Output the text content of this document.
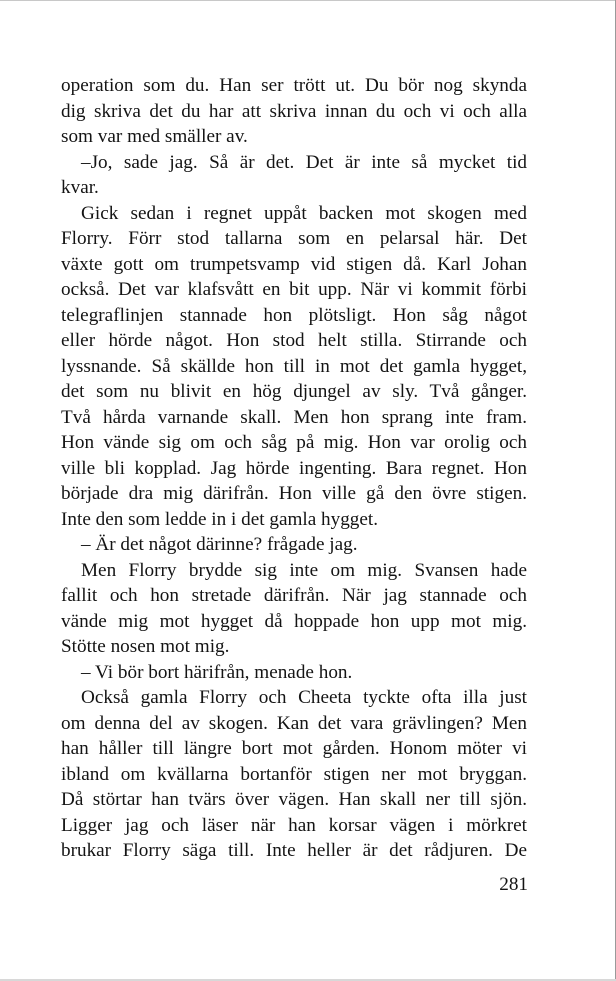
operation som du. Han ser trött ut. Du bör nog skynda
dig skriva det du har att skriva innan du och vi och alla
som var med smäller av.
–Jo, sade jag. Så är det. Det är inte så mycket tid
kvar.
Gick sedan i regnet uppåt backen mot skogen med
Florry. Förr stod tallarna som en pelarsal här. Det
växte gott om trumpetsvamp vid stigen då. Karl Johan
också. Det var klafsvått en bit upp. När vi kommit förbi
telegraflinjen stannade hon plötsligt. Hon såg något
eller hörde något. Hon stod helt stilla. Stirrande och
lyssnande. Så skällde hon till in mot det gamla hygget,
det som nu blivit en hög djungel av sly. Två gånger.
Två hårda varnande skall. Men hon sprang inte fram.
Hon vände sig om och såg på mig. Hon var orolig och
ville bli kopplad. Jag hörde ingenting. Bara regnet. Hon
började dra mig därifrån. Hon ville gå den övre stigen.
Inte den som ledde in i det gamla hygget.
– Är det något därinne? frågade jag.
Men Florry brydde sig inte om mig. Svansen hade
fallit och hon stretade därifrån. När jag stannade och
vände mig mot hygget då hoppade hon upp mot mig.
Stötte nosen mot mig.
– Vi bör bort härifrån, menade hon.
Också gamla Florry och Cheeta tyckte ofta illa just
om denna del av skogen. Kan det vara grävlingen? Men
han håller till längre bort mot gården. Honom möter vi
ibland om kvällarna bortanför stigen ner mot bryggan.
Då störtar han tvärs över vägen. Han skall ner till sjön.
Ligger jag och läser när han korsar vägen i mörkret
brukar Florry säga till. Inte heller är det rådjuren. De
281
